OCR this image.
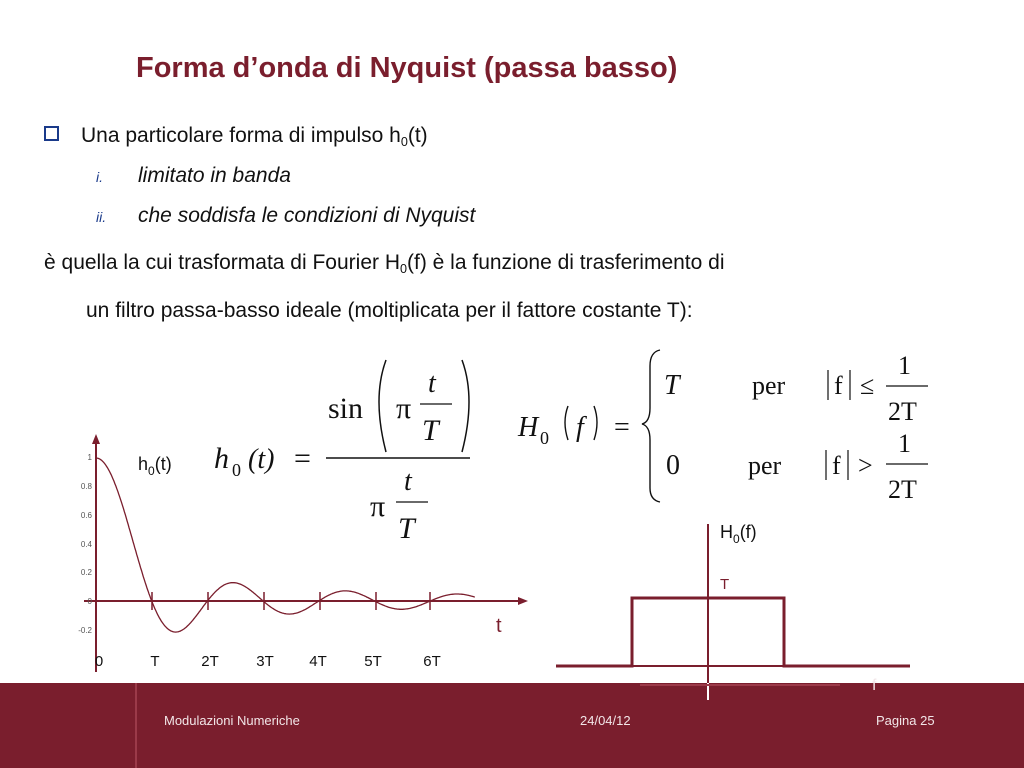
Forma d’onda di Nyquist (passa basso)
Una particolare forma di impulso $h_0(t)$
i. limitato in banda
ii. che soddisfa le condizioni di Nyquist
è quella la cui trasformata di Fourier $H_0(f)$ è la funzione di trasferimento di
un filtro passa-basso ideale (moltiplicata per il fattore costante T):
h 0 (t) =
sin π
t
T
π
t
T
H 0 f =
T	per f ≤
1
2T
0	per f >
1
2T
1
0.8
0.6
0.4
0.2
0
-0.2
0	T	2T 3T 4T 5T	6T
t
$h_0(t)$
$H_0(f)$
T
Modulazioni Numeriche	24/04/12	Pagina 25
f
